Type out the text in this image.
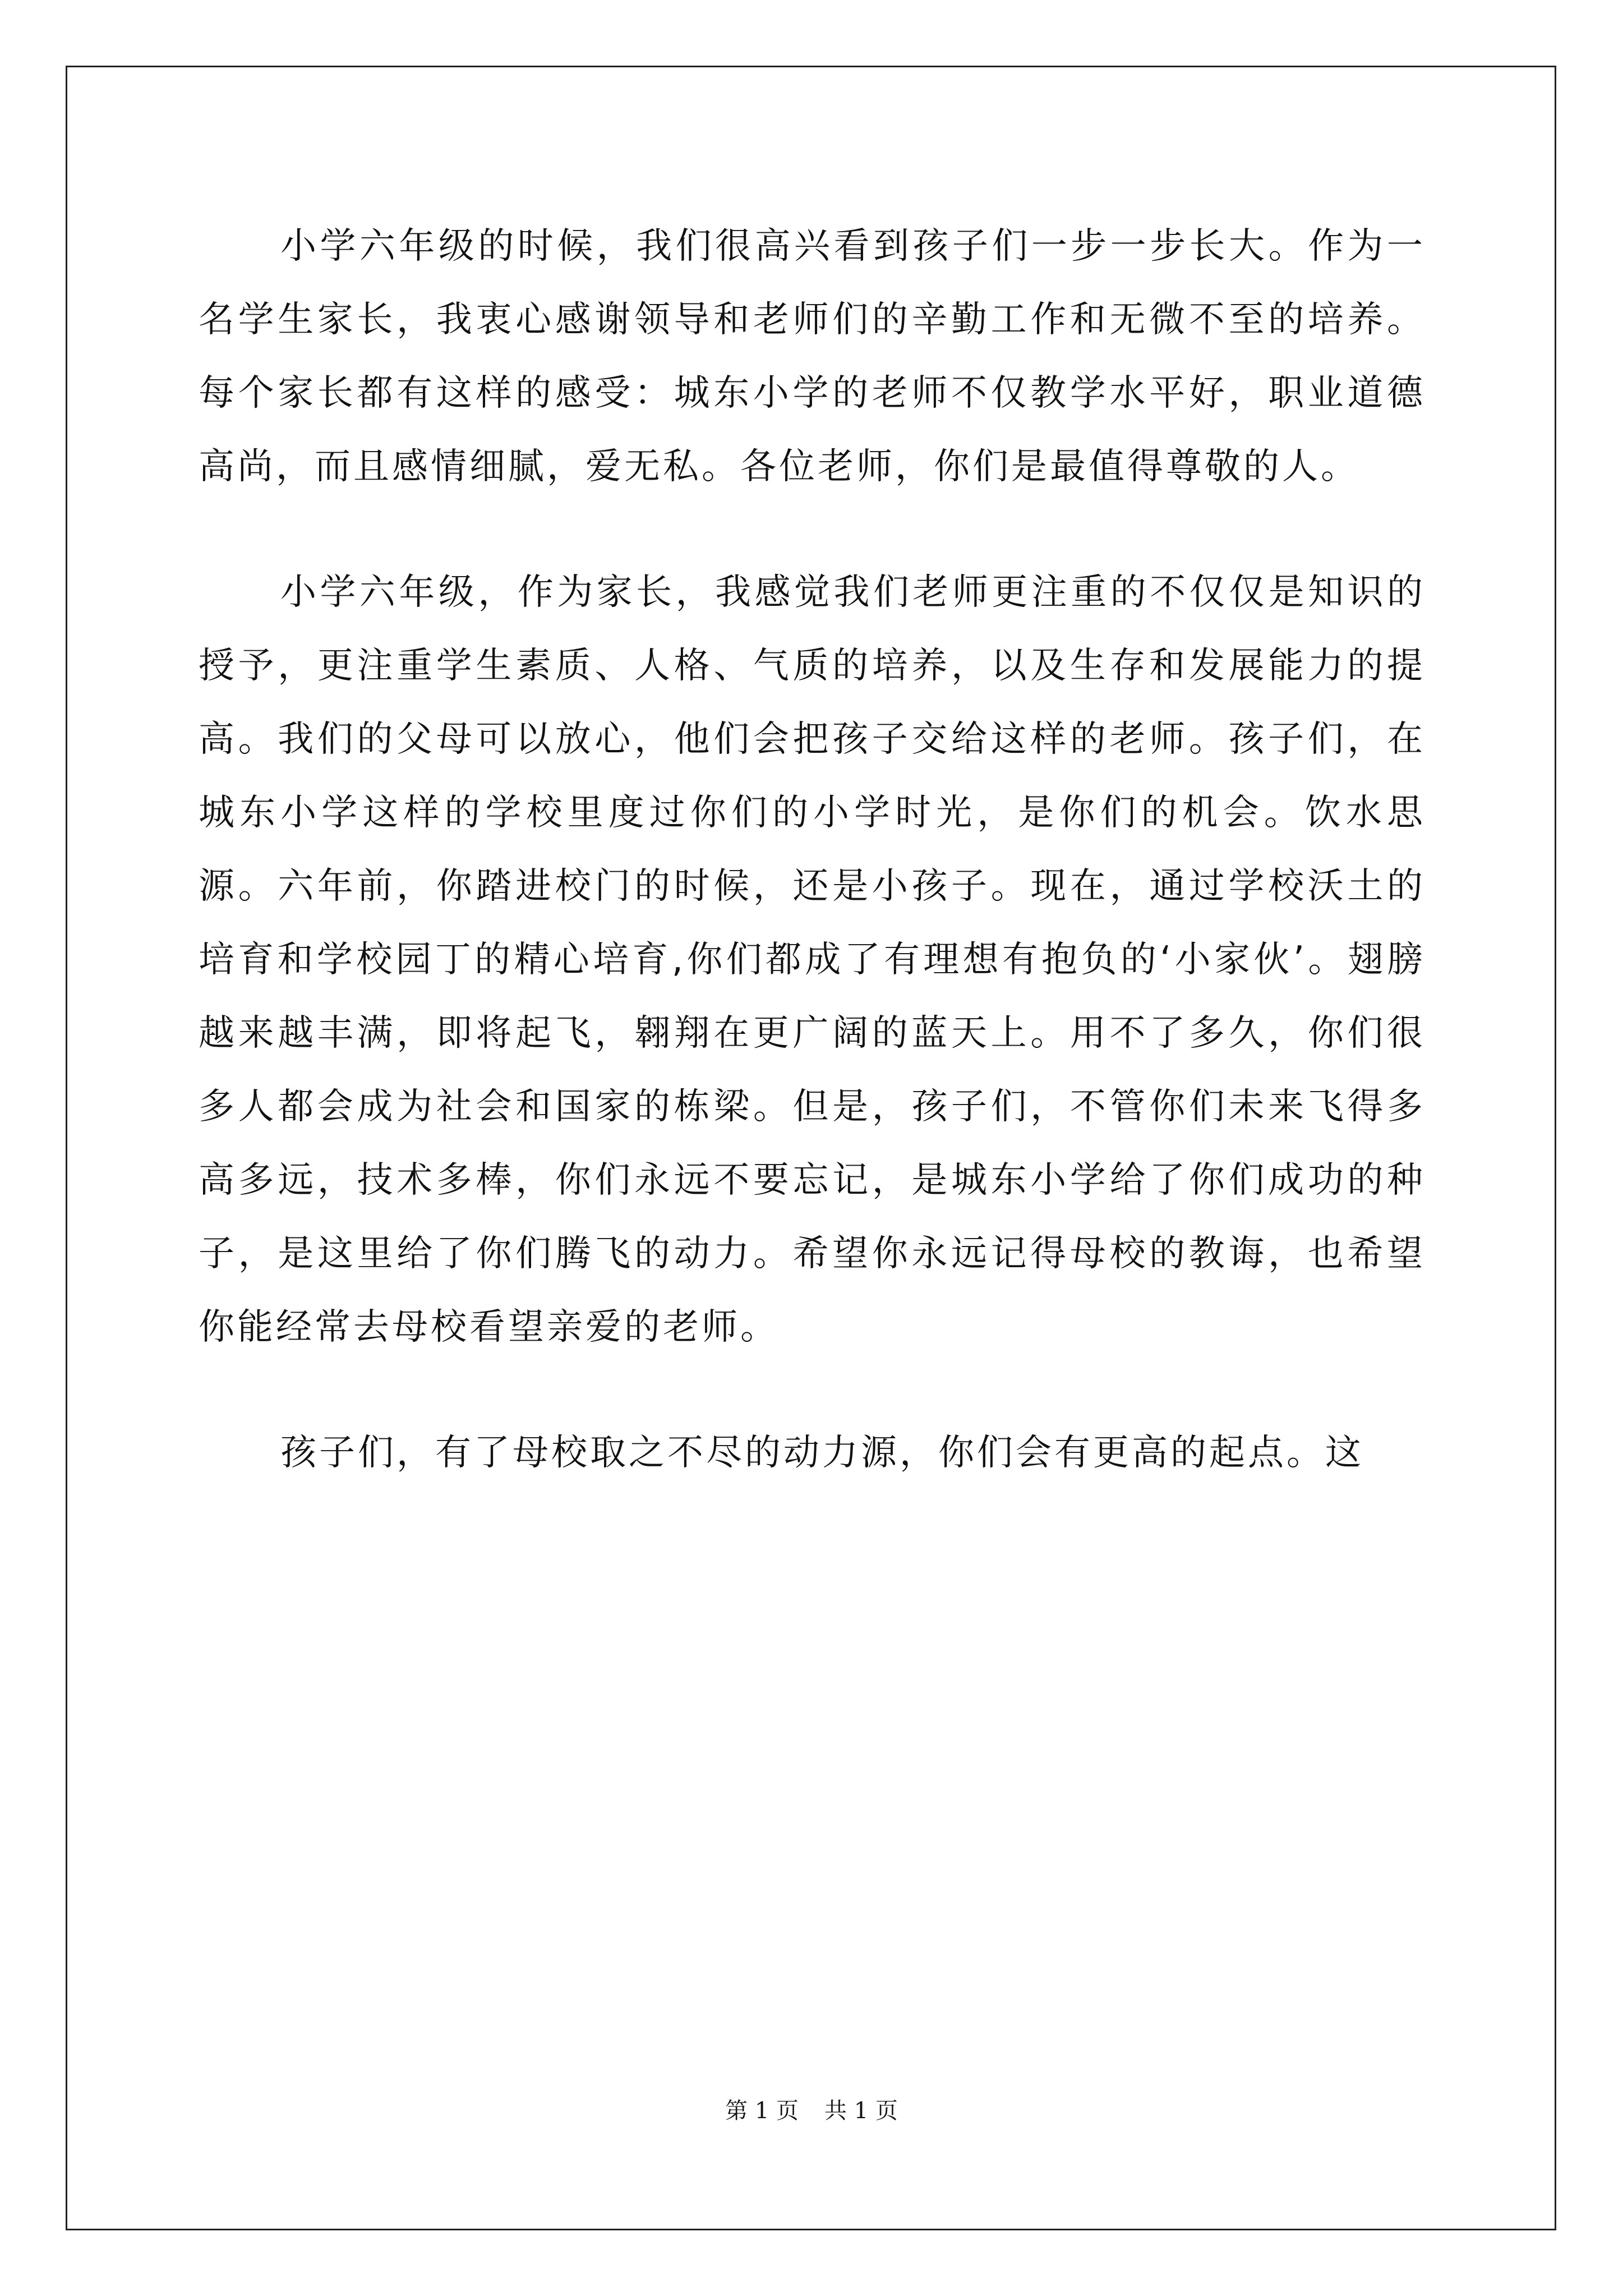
小学六年级的时候，我们很高兴看到孩子们一步一步长大。作为一名学生家长，我衷心感谢领导和老师们的辛勤工作和无微不至的培养。每个家长都有这样的感受：城东小学的老师不仅教学水平好，职业道德高尚，而且感情细腻，爱无私。各位老师，你们是最值得尊敬的人。

小学六年级，作为家长，我感觉我们老师更注重的不仅仅是知识的授予，更注重学生素质、人格、气质的培养，以及生存和发展能力的提高。我们的父母可以放心，他们会把孩子交给这样的老师。孩子们，在城东小学这样的学校里度过你们的小学时光，是你们的机会。饮水思源。六年前，你踏进校门的时候，还是小孩子。现在，通过学校沃土的培育和学校园丁的精心培育,你们都成了有理想有抱负的‘小家伙’。翅膀越来越丰满，即将起飞，翱翔在更广阔的蓝天上。用不了多久，你们很多人都会成为社会和国家的栋梁。但是，孩子们，不管你们未来飞得多高多远，技术多棒，你们永远不要忘记，是城东小学给了你们成功的种子，是这里给了你们腾飞的动力。希望你永远记得母校的教诲，也希望你能经常去母校看望亲爱的老师。

孩子们，有了母校取之不尽的动力源，你们会有更高的起点。这

第 1 页 共 1 页
